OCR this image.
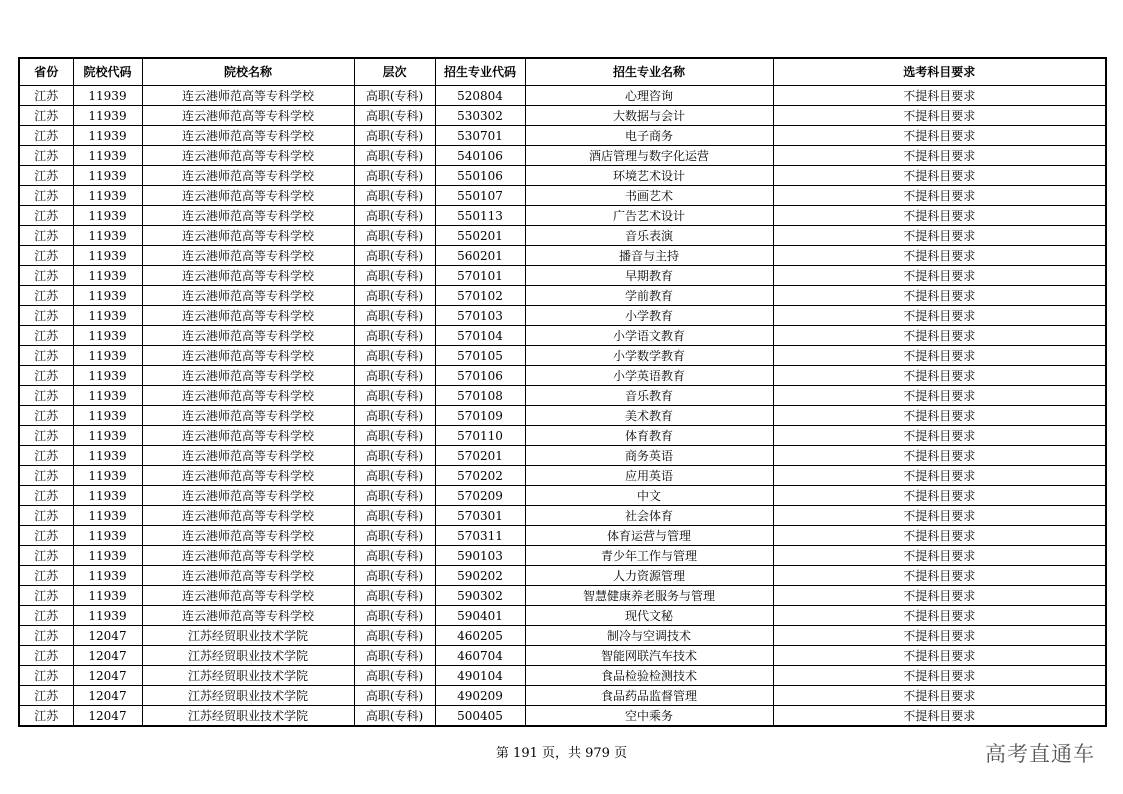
省份	院校代码	院校名称	层次	招生专业代码	招生专业名称	选考科目要求
江苏	11939	连云港师范高等专科学校	高职(专科)	520804	心理咨询	不提科目要求
江苏	11939	连云港师范高等专科学校	高职(专科)	530302	大数据与会计	不提科目要求
江苏	11939	连云港师范高等专科学校	高职(专科)	530701	电子商务	不提科目要求
江苏	11939	连云港师范高等专科学校	高职(专科)	540106	酒店管理与数字化运营	不提科目要求
江苏	11939	连云港师范高等专科学校	高职(专科)	550106	环境艺术设计	不提科目要求
江苏	11939	连云港师范高等专科学校	高职(专科)	550107	书画艺术	不提科目要求
江苏	11939	连云港师范高等专科学校	高职(专科)	550113	广告艺术设计	不提科目要求
江苏	11939	连云港师范高等专科学校	高职(专科)	550201	音乐表演	不提科目要求
江苏	11939	连云港师范高等专科学校	高职(专科)	560201	播音与主持	不提科目要求
江苏	11939	连云港师范高等专科学校	高职(专科)	570101	早期教育	不提科目要求
江苏	11939	连云港师范高等专科学校	高职(专科)	570102	学前教育	不提科目要求
江苏	11939	连云港师范高等专科学校	高职(专科)	570103	小学教育	不提科目要求
江苏	11939	连云港师范高等专科学校	高职(专科)	570104	小学语文教育	不提科目要求
江苏	11939	连云港师范高等专科学校	高职(专科)	570105	小学数学教育	不提科目要求
江苏	11939	连云港师范高等专科学校	高职(专科)	570106	小学英语教育	不提科目要求
江苏	11939	连云港师范高等专科学校	高职(专科)	570108	音乐教育	不提科目要求
江苏	11939	连云港师范高等专科学校	高职(专科)	570109	美术教育	不提科目要求
江苏	11939	连云港师范高等专科学校	高职(专科)	570110	体育教育	不提科目要求
江苏	11939	连云港师范高等专科学校	高职(专科)	570201	商务英语	不提科目要求
江苏	11939	连云港师范高等专科学校	高职(专科)	570202	应用英语	不提科目要求
江苏	11939	连云港师范高等专科学校	高职(专科)	570209	中文	不提科目要求
江苏	11939	连云港师范高等专科学校	高职(专科)	570301	社会体育	不提科目要求
江苏	11939	连云港师范高等专科学校	高职(专科)	570311	体育运营与管理	不提科目要求
江苏	11939	连云港师范高等专科学校	高职(专科)	590103	青少年工作与管理	不提科目要求
江苏	11939	连云港师范高等专科学校	高职(专科)	590202	人力资源管理	不提科目要求
江苏	11939	连云港师范高等专科学校	高职(专科)	590302	智慧健康养老服务与管理	不提科目要求
江苏	11939	连云港师范高等专科学校	高职(专科)	590401	现代文秘	不提科目要求
江苏	12047	江苏经贸职业技术学院	高职(专科)	460205	制冷与空调技术	不提科目要求
江苏	12047	江苏经贸职业技术学院	高职(专科)	460704	智能网联汽车技术	不提科目要求
江苏	12047	江苏经贸职业技术学院	高职(专科)	490104	食品检验检测技术	不提科目要求
江苏	12047	江苏经贸职业技术学院	高职(专科)	490209	食品药品监督管理	不提科目要求
江苏	12047	江苏经贸职业技术学院	高职(专科)	500405	空中乘务	不提科目要求
第 191 页，共 979 页	高考直通车
